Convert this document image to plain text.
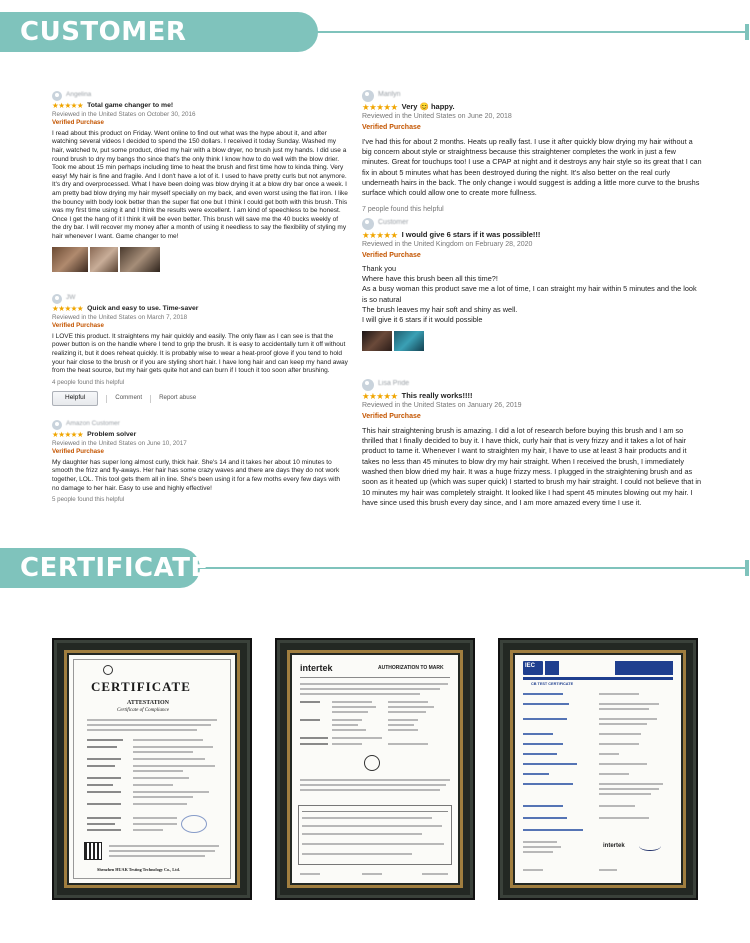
CUSTOMER FEEDBACK
Angelina
★★★★★ Total game changer to me!
Reviewed in the United States on October 30, 2016
Verified Purchase
I read about this product on Friday. Went online to find out what was the hype about it, and after watching several videos I decided to spend the 150 dollars. I received it today Sunday. Washed my hair, watched tv, put some product, dried my hair with a blow dryer, no brush just my hands. I did use a round brush to dry my bangs tho since that's the only think I know how to do well with the blow drier. Took me about 15 min perhaps including time to heat the brush and first time how to kinda thing. Very easy! My hair is fine and fragile. And I don't have a lot of it. I used to have pretty curls but not anymore. It's dry and overprocessed. What I have been doing was blow drying it at a blow dry bar once a week. I am pretty bad blow drying my hair myself specially on my back, and even worst using the flat iron. I like the bouncy with body look better than the super flat one but I think I could get both with this brush. This was my first time using it and I think the results were excellent. I am kind of speechless to be honest. Once I get the hang of it I think it will be even better. This brush will save me the 40 bucks weekly of the dry bar. I will recover my money after a month of using it needless to say the flexibility of styling my hair whenever I want. Game changer to me!
JW
★★★★★ Quick and easy to use. Time-saver
Reviewed in the United States on March 7, 2018
Verified Purchase
I LOVE this product. It straightens my hair quickly and easily. The only flaw as I can see is that the power button is on the handle where I tend to grip the brush. It is easy to accidentally turn it off without realizing it, but it does reheat quickly. It is probably wise to wear a heat-proof glove if you tend to hold your hair close to the brush or if you are styling short hair. I have long hair and can keep my hand away from the heat source, but my hair gets quite hot and can burn if I touch it too soon after brushing.
4 people found this helpful
Helpful	Comment	Report abuse
Amazon Customer
★★★★★ Problem solver
Reviewed in the United States on June 10, 2017
Verified Purchase
My daughter has super long almost curly, thick hair. She's 14 and it takes her about 10 minutes to smooth the frizz and fly-aways. Her hair has some crazy waves and there are days they do not work together, LOL. This tool gets them all in line. She's been using it for a few moths every few days with no damage to her hair. Easy to use and highly effective!
5 people found this helpful
Marilyn
★★★★★ Very 😊 happy.
Reviewed in the United States on June 20, 2018
Verified Purchase
I've had this for about 2 months. Heats up really fast. I use it after quickly blow drying my hair without a big concern about style or straightness because this straightener completes the work in just a few minutes. Great for touchups too! I use a CPAP at night and it destroys any hair style so its great that I can fix in about 5 minutes what has been destroyed during the night. It's also better on the real curly underneath hairs in the back. The only change i would suggest is adding a little more curve to the brushs surface which could allow one to create more fullness.
7 people found this helpful
Customer
★★★★★ I would give 6 stars if it was possible!!!
Reviewed in the United Kingdom on February 28, 2020
Verified Purchase
Thank you
Where have this brush been all this time?!
As a busy woman this product save me a lot of time, I can straight my hair within 5 minutes and the look is so natural
The brush leaves my hair soft and shiny as well.
I will give it 6 stars if it would possible
Lisa Pride
★★★★★ This really works!!!!
Reviewed in the United States on January 26, 2019
Verified Purchase
This hair straightening brush is amazing. I did a lot of research before buying this brush and I am so thrilled that I finally decided to buy it. I have thick, curly hair that is very frizzy and it takes a lot of hair product to tame it. Whenever I want to straighten my hair, I have to use at least 3 hair products and it takes no less than 45 minutes to blow dry my hair straight. When I received the brush, I immediately washed then blow dried my hair. It was a huge frizzy mess. I plugged in the straightening brush and as soon as it heated up (which was super quick) I started to brush my hair straight. I could not believe that in 10 minutes my hair was completely straight. It looked like I had spent 45 minutes blowing out my hair. I have since used this brush every day since, and I am more amazed every time I use it.
CERTIFICATE
CERTIFICATE
ATTESTATION
Certificate of Compliance
Shenzhen HUAK Testing Technology Co., Ltd.
intertek	AUTHORIZATION TO MARK	IEC
CB TEST CERTIFICATE
intertek
